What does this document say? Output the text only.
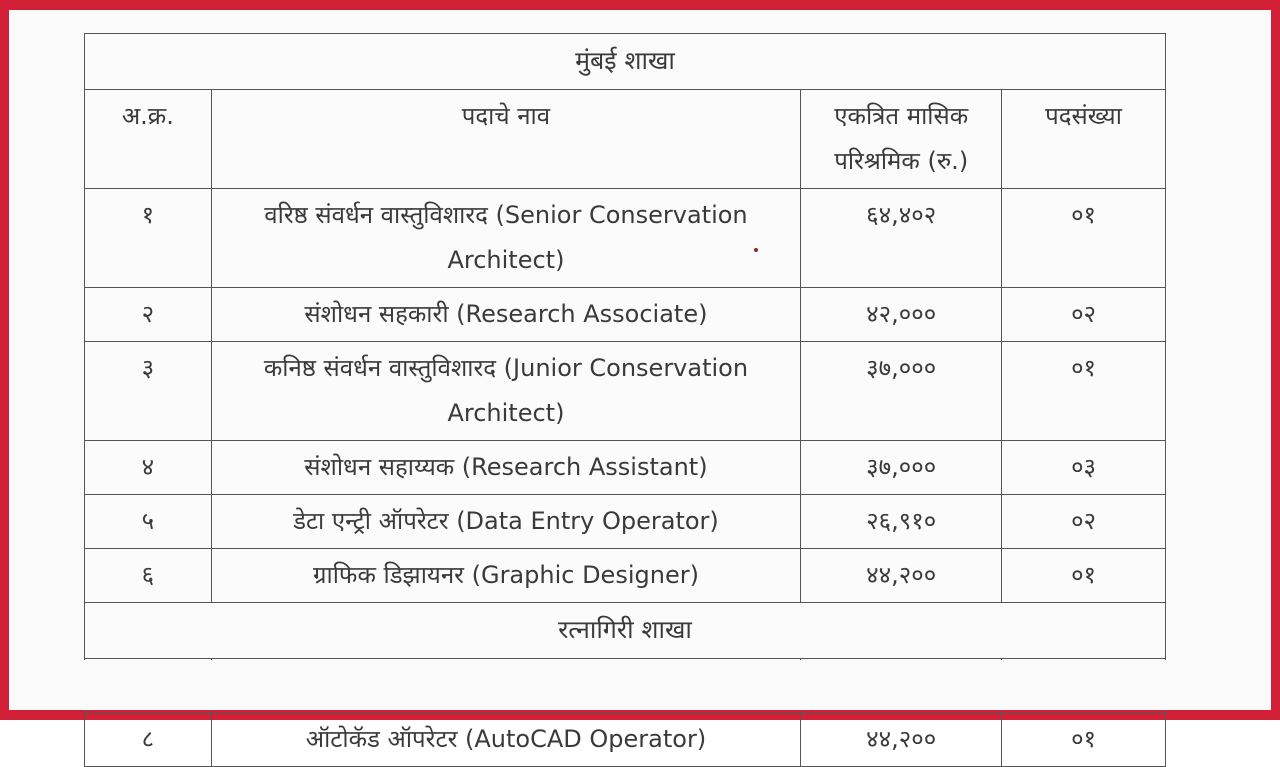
मुंबई शाखा			
अ.क्र.	पदाचे नाव	एकत्रित मासिक परिश्रमिक (रु.)	पदसंख्या
१	वरिष्ठ संवर्धन वास्तुविशारद (Senior Conservation Architect)	६४,४०२	०१
२	संशोधन सहकारी (Research Associate)	४२,०००	०२
३	कनिष्ठ संवर्धन वास्तुविशारद (Junior Conservation Architect)	३७,०००	०१
४	संशोधन सहाय्यक (Research Assistant)	३७,०००	०३
५	डेटा एन्ट्री ऑपरेटर (Data Entry Operator)	२६,९१०	०२
६	ग्राफिक डिझायनर (Graphic Designer)	४४,२००	०१
रत्नागिरी शाखा			

८	ऑटोकॅड ऑपरेटर (AutoCAD Operator)	४४,२००	०१
